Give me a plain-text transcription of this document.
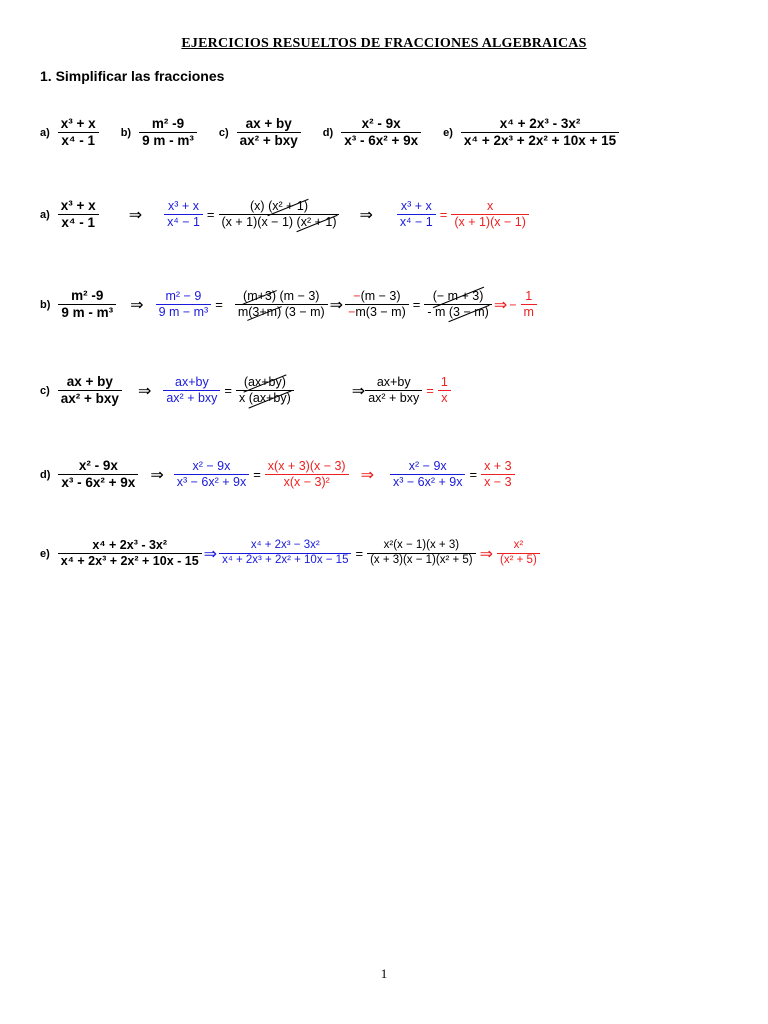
EJERCICIOS RESUELTOS DE FRACCIONES ALGEBRAICAS
1. Simplificar las fracciones
$a) \frac{\text{x³ + x}}{\text{x⁴ - 1}} b) \frac{\text{m² -9}}{\text{9 m - m³}} c) \frac{ax + by}{\text{ax² + bxy}} d) \frac{\text{x² - 9x}}{\text{x³ - 6x² + 9x}} e) \frac{\text{x⁴ + 2x³ - 3x²}}{\text{x⁴ + 2x³ + 2x² + 10x + 15}}$
$a) \frac{\text{x³ + x}}{\text{x⁴ - 1}}$ ⇒ $\frac{\text{x³ + x}}{\text{x⁴ − 1}} = \frac{\text{(x) (x² + 1)}}{\text{(x + 1)(x − 1) (x² + 1)}}$ ⇒ $\frac{\text{x³ + x}}{\text{x⁴ − 1}} = \frac{x}{(x + 1)(x - 1)}$
$b) \frac{\text{m² -9}}{\text{9 m - m³}}$ ⇒ $\frac{\text{m² − 9}}{\text{9 m − m³}} = \frac{(m+3) (m - 3)}{m(3+m) (3 - m)}$ ⇒ $\frac{-(m - 3)}{-m(3 - m)} = \frac{(- m + 3)}{- m (3 - m)}$ ⇒ − $\frac{1}{m}$
$c) \frac{ax + by}{\text{ax² + bxy}}$ ⇒ $\frac{ax+by}{\text{ax² + bxy}} = \frac{(ax+by)}{x (ax+by)}$	⇒ $\frac{ax+by}{\text{ax² + bxy}} = \frac{1}{x}$
$d) \frac{\text{x² - 9x}}{\text{x³ - 6x² + 9x}}$ ⇒ $\frac{\text{x² − 9x}}{\text{x³ − 6x² + 9x}} = \frac{x(x + 3)(x - 3)}{\text{x(x − 3)²}}$ ⇒ $\frac{\text{x² − 9x}}{\text{x³ − 6x² + 9x}} = \frac{x + 3}{x - 3}$
$e) \frac{\text{x⁴ + 2x³ - 3x²}}{\text{x⁴ + 2x³ + 2x² + 10x - 15}}$ ⇒ $\frac{\text{x⁴ + 2x³ − 3x²}}{\text{x⁴ + 2x³ + 2x² + 10x − 15}} = \frac{\text{x²(x − 1)(x + 3)}}{\text{(x + 3)(x − 1)(x² + 5)}}$ ⇒ $\frac{\text{x²}}{\text{(x² + 5)}}$
1
